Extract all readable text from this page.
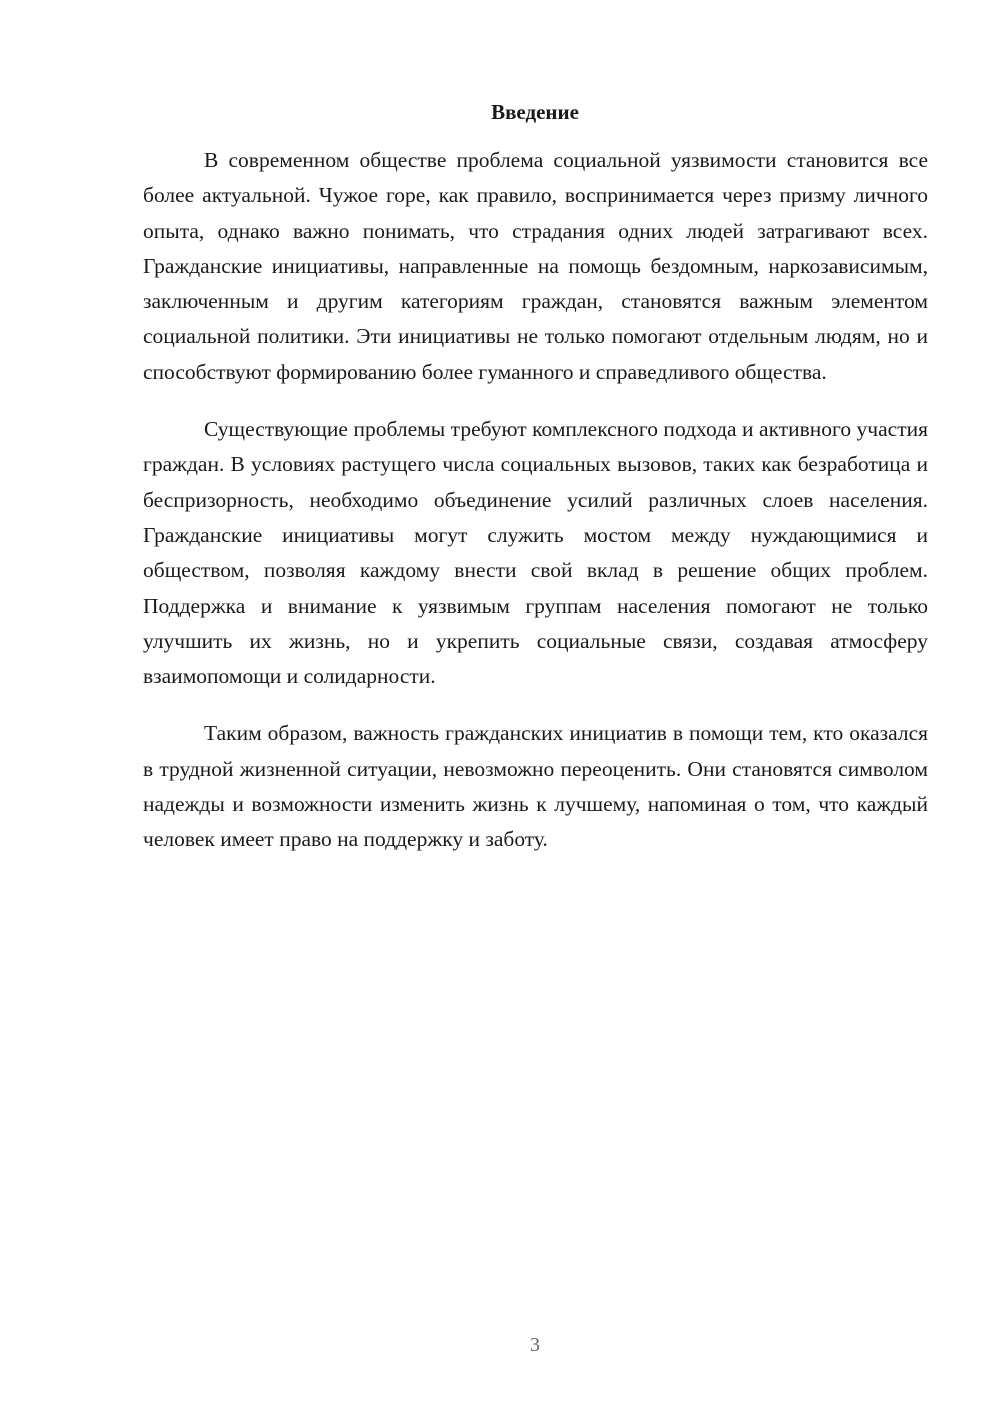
Введение

В современном обществе проблема социальной уязвимости становится все более актуальной. Чужое горе, как правило, воспринимается через призму личного опыта, однако важно понимать, что страдания одних людей затрагивают всех. Гражданские инициативы, направленные на помощь бездомным, наркозависимым, заключенным и другим категориям граждан, становятся важным элементом социальной политики. Эти инициативы не только помогают отдельным людям, но и способствуют формированию более гуманного и справедливого общества.

Существующие проблемы требуют комплексного подхода и активного участия граждан. В условиях растущего числа социальных вызовов, таких как безработица и беспризорность, необходимо объединение усилий различных слоев населения. Гражданские инициативы могут служить мостом между нуждающимися и обществом, позволяя каждому внести свой вклад в решение общих проблем. Поддержка и внимание к уязвимым группам населения помогают не только улучшить их жизнь, но и укрепить социальные связи, создавая атмосферу взаимопомощи и солидарности.

Таким образом, важность гражданских инициатив в помощи тем, кто оказался в трудной жизненной ситуации, невозможно переоценить. Они становятся символом надежды и возможности изменить жизнь к лучшему, напоминая о том, что каждый человек имеет право на поддержку и заботу.

3
